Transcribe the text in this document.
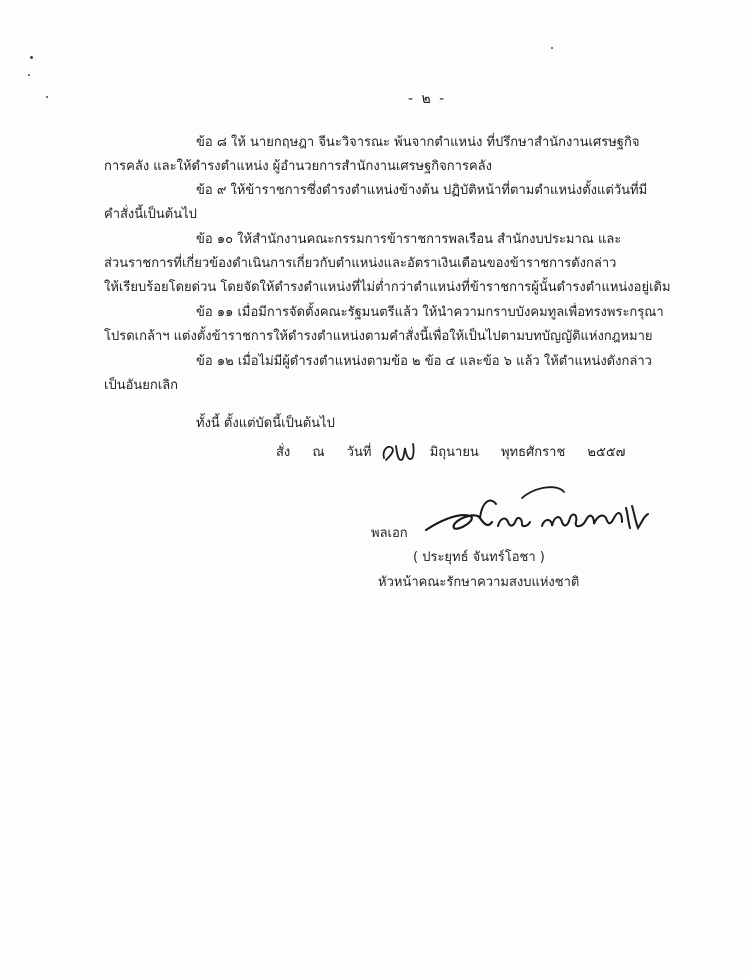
- ๒ -

ข้อ ๘ ให้ นายกฤษฎา จีนะวิจารณะ พ้นจากตำแหน่ง ที่ปรึกษาสำนักงานเศรษฐกิจ
การคลัง และให้ดำรงตำแหน่ง ผู้อำนวยการสำนักงานเศรษฐกิจการคลัง

ข้อ ๙ ให้ข้าราชการซึ่งดำรงตำแหน่งข้างต้น ปฏิบัติหน้าที่ตามตำแหน่งตั้งแต่วันที่มี
คำสั่งนี้เป็นต้นไป

ข้อ ๑๐ ให้สำนักงานคณะกรรมการข้าราชการพลเรือน สำนักงบประมาณ และ
ส่วนราชการที่เกี่ยวข้องดำเนินการเกี่ยวกับตำแหน่งและอัตราเงินเดือนของข้าราชการดังกล่าว
ให้เรียบร้อยโดยด่วน โดยจัดให้ดำรงตำแหน่งที่ไม่ต่ำกว่าตำแหน่งที่ข้าราชการผู้นั้นดำรงตำแหน่งอยู่เดิม

ข้อ ๑๑ เมื่อมีการจัดตั้งคณะรัฐมนตรีแล้ว ให้นำความกราบบังคมทูลเพื่อทรงพระกรุณา
โปรดเกล้าฯ แต่งตั้งข้าราชการให้ดำรงตำแหน่งตามคำสั่งนี้เพื่อให้เป็นไปตามบทบัญญัติแห่งกฎหมาย

ข้อ ๑๒ เมื่อไม่มีผู้ดำรงตำแหน่งตามข้อ ๒ ข้อ ๔ และข้อ ๖ แล้ว ให้ตำแหน่งดังกล่าว
เป็นอันยกเลิก

ทั้งนี้ ตั้งแต่บัดนี้เป็นต้นไป
สั่ง ณ วันที่	มิถุนายน พุทธศักราช ๒๕๕๗
พลเอก
( ประยุทธ์ จันทร์โอชา )
หัวหน้าคณะรักษาความสงบแห่งชาติ
